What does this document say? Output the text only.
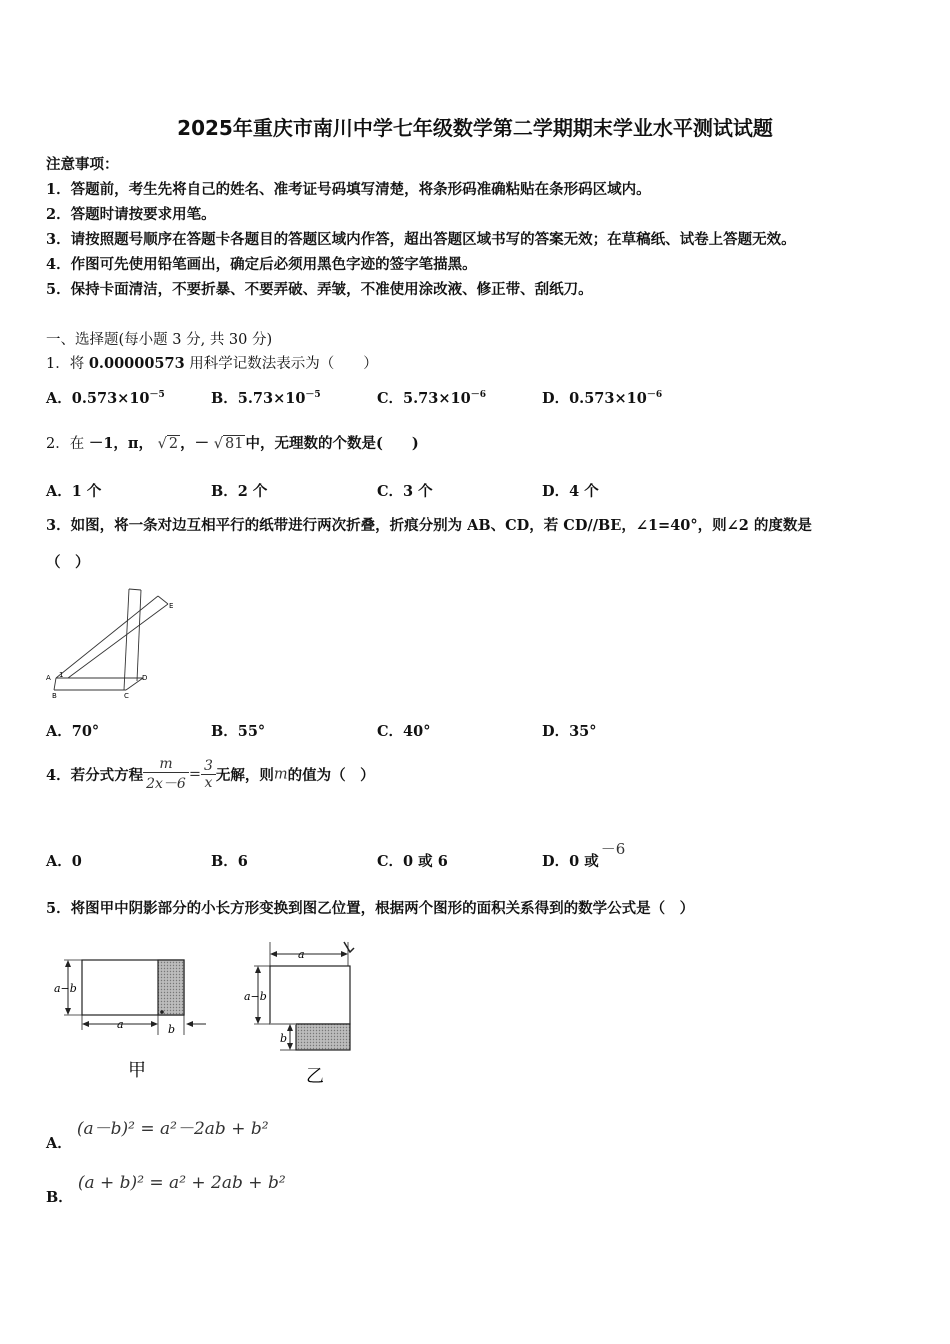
2025年重庆市南川中学七年级数学第二学期期末学业水平测试试题
注意事项：
1．答题前，考生先将自己的姓名、准考证号码填写清楚，将条形码准确粘贴在条形码区域内。
2．答题时请按要求用笔。
3．请按照题号顺序在答题卡各题目的答题区域内作答，超出答题区域书写的答案无效；在草稿纸、试卷上答题无效。
4．作图可先使用铅笔画出，确定后必须用黑色字迹的签字笔描黑。
5．保持卡面清洁，不要折暴、不要弄破、弄皱，不准使用涂改液、修正带、刮纸刀。
一、选择题(每小题 3 分, 共 30 分)
1．将 0.00000573 用科学记数法表示为（　　）
A．$0.573\times 10^{-5}$	B．$5.73\times 10^{-5}$	C．$5.73\times 10^{-6}$	D．$0.573\times 10^{-6}$
2．在 －1，π， √ 2 ，－ √ 81 中，无理数的个数是(　　)
A．1 个	B．2 个	C．3 个	D．4 个
3．如图，将一条对边互相平行的纸带进行两次折叠，折痕分别为 AB、CD，若 CD//BE，∠1=40°，则∠2 的度数是
（　）
A
B	C
D
E
1
A．70°	B．55°	C．40°	D．35°
4．若分式方程 $\frac{m}{2x-6} = \frac{3}{x}$ 无解，则m的值为（　）
A．0	B．6	C．0 或 6	D．0 或－6
5．将图甲中阴影部分的小长方形变换到图乙位置，根据两个图形的面积关系得到的数学公式是（　）
a−b
a	b
甲
a
a−b
b
乙
A． (a－b)² = a²－2ab + b²
B． (a + b)² = a² + 2ab + b²
